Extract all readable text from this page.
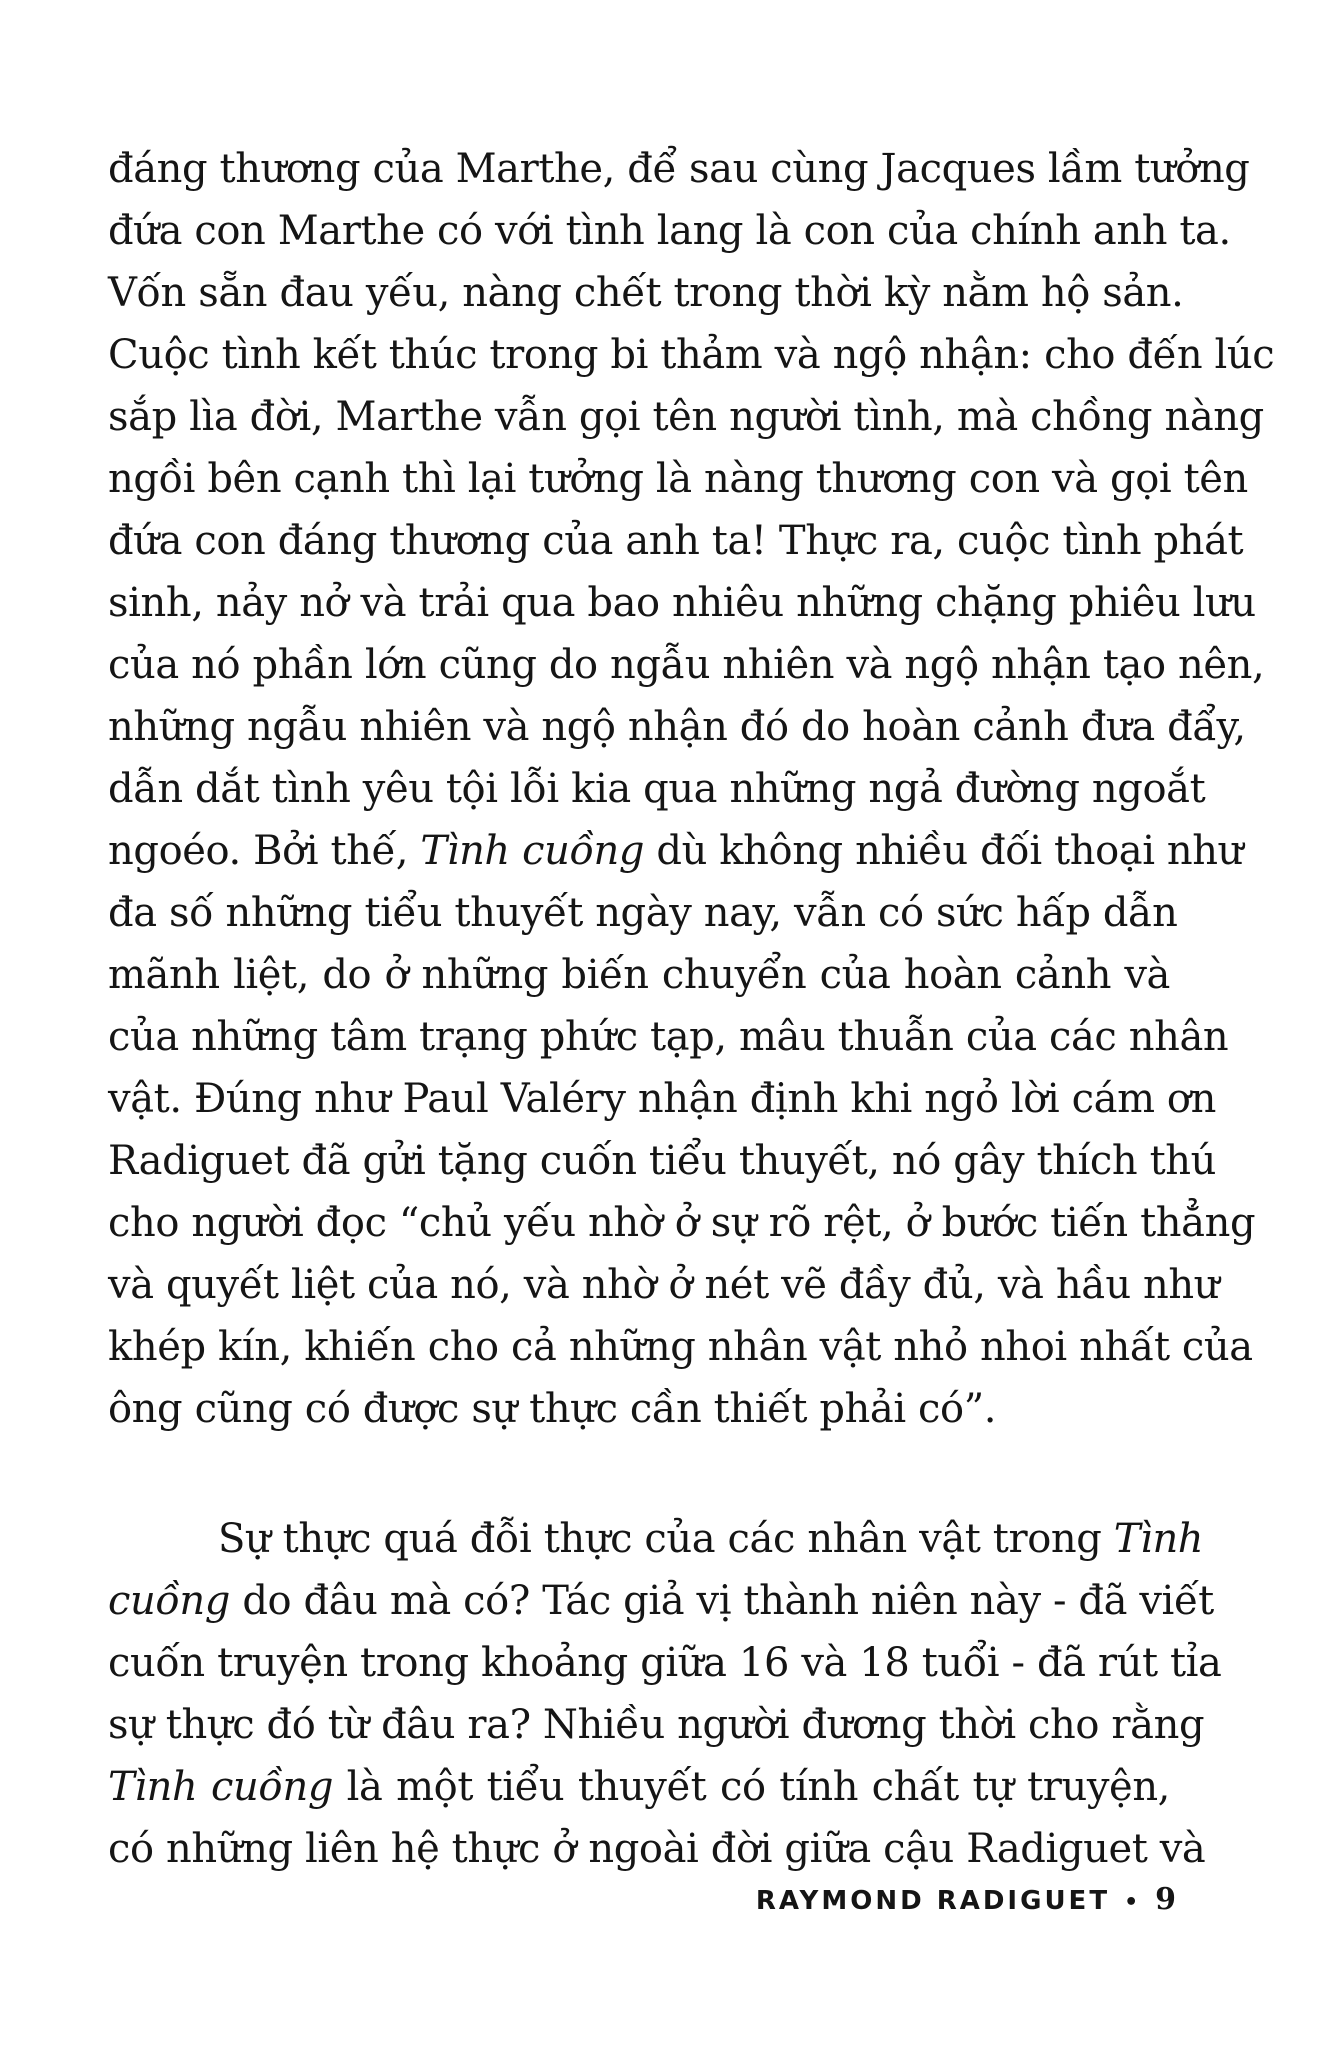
đáng thương của Marthe, để sau cùng Jacques lầm tưởng
đứa con Marthe có với tình lang là con của chính anh ta.
Vốn sẵn đau yếu, nàng chết trong thời kỳ nằm hộ sản.
Cuộc tình kết thúc trong bi thảm và ngộ nhận: cho đến lúc
sắp lìa đời, Marthe vẫn gọi tên người tình, mà chồng nàng
ngồi bên cạnh thì lại tưởng là nàng thương con và gọi tên
đứa con đáng thương của anh ta! Thực ra, cuộc tình phát
sinh, nảy nở và trải qua bao nhiêu những chặng phiêu lưu
của nó phần lớn cũng do ngẫu nhiên và ngộ nhận tạo nên,
những ngẫu nhiên và ngộ nhận đó do hoàn cảnh đưa đẩy,
dẫn dắt tình yêu tội lỗi kia qua những ngả đường ngoắt
ngoéo. Bởi thế, Tình cuồng dù không nhiều đối thoại như
đa số những tiểu thuyết ngày nay, vẫn có sức hấp dẫn
mãnh liệt, do ở những biến chuyển của hoàn cảnh và
của những tâm trạng phức tạp, mâu thuẫn của các nhân
vật. Đúng như Paul Valéry nhận định khi ngỏ lời cám ơn
Radiguet đã gửi tặng cuốn tiểu thuyết, nó gây thích thú
cho người đọc “chủ yếu nhờ ở sự rõ rệt, ở bước tiến thẳng
và quyết liệt của nó, và nhờ ở nét vẽ đầy đủ, và hầu như
khép kín, khiến cho cả những nhân vật nhỏ nhoi nhất của
ông cũng có được sự thực cần thiết phải có”.
Sự thực quá đỗi thực của các nhân vật trong Tình
cuồng do đâu mà có? Tác giả vị thành niên này - đã viết
cuốn truyện trong khoảng giữa 16 và 18 tuổi - đã rút tỉa
sự thực đó từ đâu ra? Nhiều người đương thời cho rằng
Tình cuồng là một tiểu thuyết có tính chất tự truyện,
có những liên hệ thực ở ngoài đời giữa cậu Radiguet và
RAYMOND RADIGUET • 9
